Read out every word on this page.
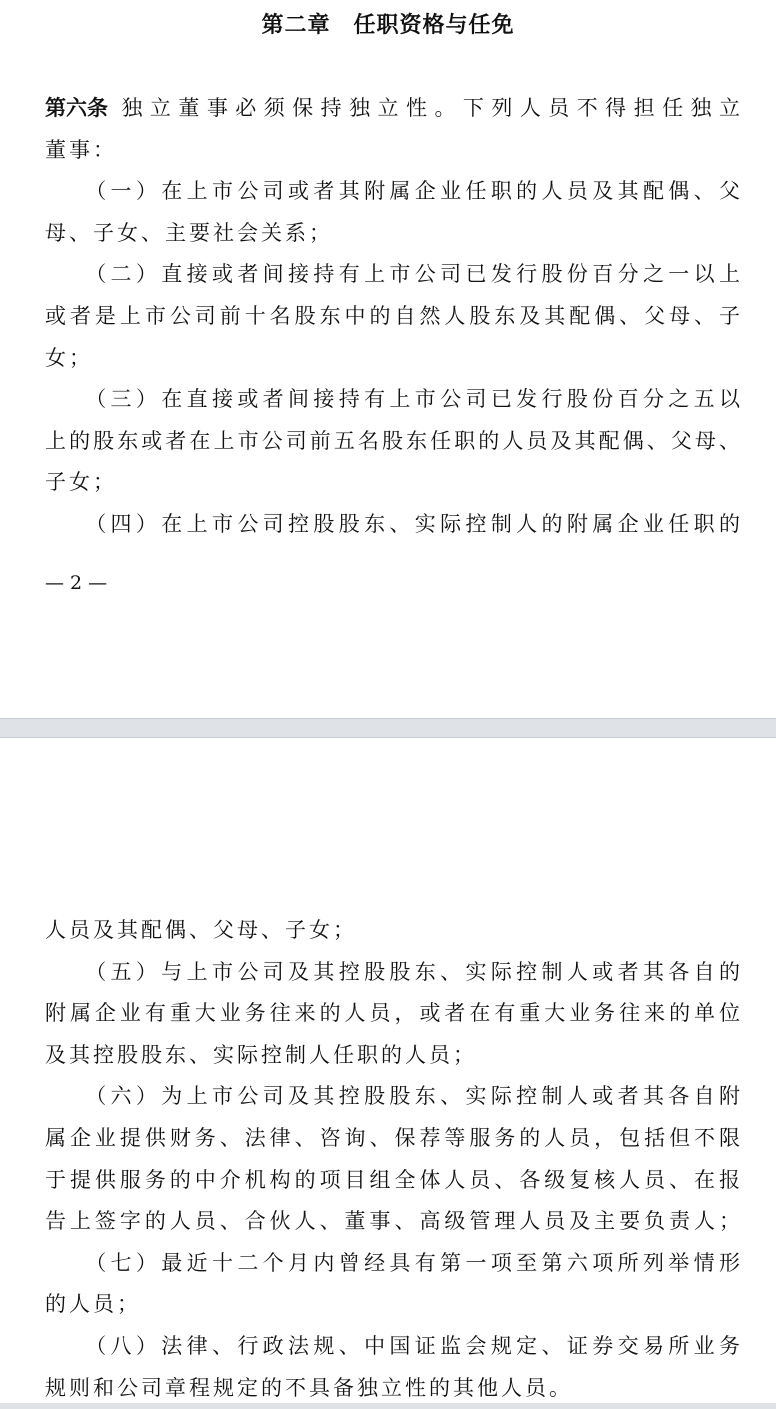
第二章　任职资格与任免
第六条
　独立董事必须保持独立性。下列人员不得担任独立
董事：
　　（一）在上市公司或者其附属企业任职的人员及其配偶、父
母、子女、主要社会关系；
　　（二）直接或者间接持有上市公司已发行股份百分之一以上
或者是上市公司前十名股东中的自然人股东及其配偶、父母、子
女；
　　（三）在直接或者间接持有上市公司已发行股份百分之五以
上的股东或者在上市公司前五名股东任职的人员及其配偶、父母、
子女；
　　（四）在上市公司控股股东、实际控制人的附属企业任职的
— 2 —
人员及其配偶、父母、子女；
　　（五）与上市公司及其控股股东、实际控制人或者其各自的
附属企业有重大业务往来的人员，或者在有重大业务往来的单位
及其控股股东、实际控制人任职的人员；
　　（六）为上市公司及其控股股东、实际控制人或者其各自附
属企业提供财务、法律、咨询、保荐等服务的人员，包括但不限
于提供服务的中介机构的项目组全体人员、各级复核人员、在报
告上签字的人员、合伙人、董事、高级管理人员及主要负责人；
　　（七）最近十二个月内曾经具有第一项至第六项所列举情形
的人员；
　　（八）法律、行政法规、中国证监会规定、证券交易所业务
规则和公司章程规定的不具备独立性的其他人员。
